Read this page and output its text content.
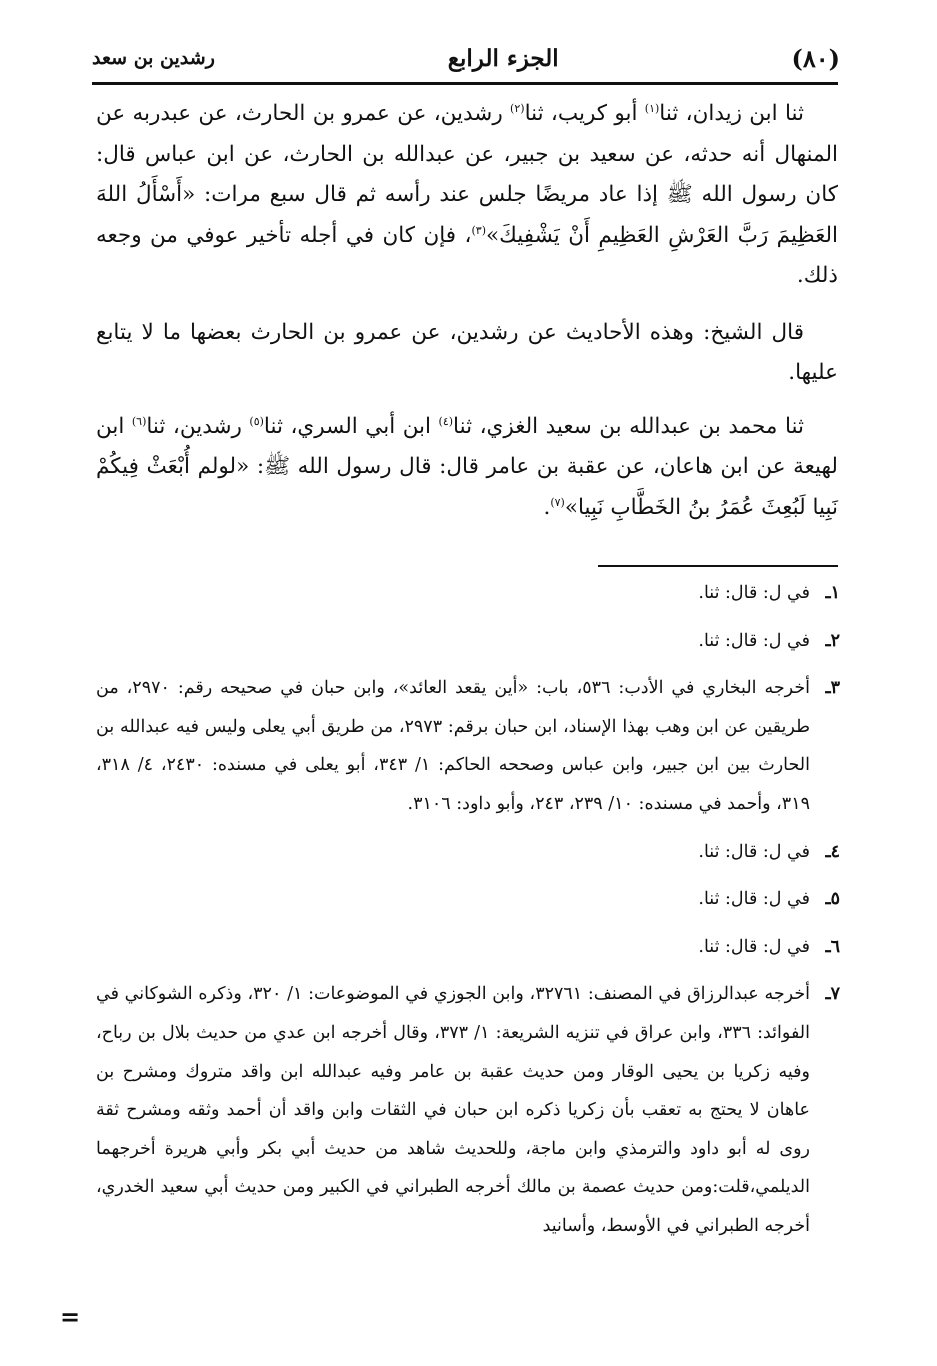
(٨٠)
الجزء الرابع
رشدين بن سعد

ثنا ابن زيدان، ثنا$^{(١)}$ أبو كريب، ثنا$^{(٢)}$ رشدين، عن عمرو بن الحارث، عن عبدربه عن المنهال أنه حدثه، عن سعيد بن جبير، عن عبدالله بن الحارث، عن ابن عباس قال: كان رسول الله ﷺ إذا عاد مريضًا جلس عند رأسه ثم قال سبع مرات: «أَسْأَلُ اللهَ العَظِيمَ رَبَّ العَرْشِ العَظِيمِ أَنْ يَشْفِيكَ»$^{(٣)}$، فإن كان في أجله تأخير عوفي من وجعه ذلك.

قال الشيخ: وهذه الأحاديث عن رشدين، عن عمرو بن الحارث بعضها ما لا يتابع عليها.

ثنا محمد بن عبدالله بن سعيد الغزي، ثنا$^{(٤)}$ ابن أبي السري، ثنا$^{(٥)}$ رشدين، ثنا$^{(٦)}$ ابن لهيعة عن ابن هاعان، عن عقبة بن عامر قال: قال رسول الله ﷺ: «لولم أُبْعَثْ فِيكُمْ نَبِيا لَبُعِثَ عُمَرُ بنُ الخَطَّابِ نَبِيا»$^{(٧)}$.

١ـ
في ل: قال: ثنا.
٢ـ
في ل: قال: ثنا.
٣ـ
أخرجه البخاري في الأدب: ٥٣٦، باب: «أين يقعد العائد»، وابن حبان في صحيحه رقم: ٢٩٧٠، من طريقين عن ابن وهب بهذا الإسناد، ابن حبان برقم: ٢٩٧٣، من طريق أبي يعلى وليس فيه عبدالله بن الحارث بين ابن جبير، وابن عباس وصححه الحاكم: ١/ ٣٤٣، أبو يعلى في مسنده: ٢٤٣٠، ٤/ ٣١٨، ٣١٩، وأحمد في مسنده: ١٠/ ٢٣٩، ٢٤٣، وأبو داود: ٣١٠٦.
٤ـ
في ل: قال: ثنا.
٥ـ
في ل: قال: ثنا.
٦ـ
في ل: قال: ثنا.
٧ـ
أخرجه عبدالرزاق في المصنف: ٣٢٧٦١، وابن الجوزي في الموضوعات: ١/ ٣٢٠، وذكره الشوكاني في الفوائد: ٣٣٦، وابن عراق في تنزيه الشريعة: ١/ ٣٧٣، وقال أخرجه ابن عدي من حديث بلال بن رباح، وفيه زكريا بن يحيى الوقار ومن حديث عقبة بن عامر وفيه عبدالله ابن واقد متروك ومشرح بن عاهان لا يحتج به تعقب بأن زكريا ذكره ابن حبان في الثقات وابن واقد أن أحمد وثقه ومشرح ثقة روى له أبو داود والترمذي وابن ماجة، وللحديث شاهد من حديث أبي بكر وأبي هريرة أخرجهما الديلمي،قلت:ومن حديث عصمة بن مالك أخرجه الطبراني في الكبير ومن حديث أبي سعيد الخدري، أخرجه الطبراني في الأوسط، وأسانيد
=
